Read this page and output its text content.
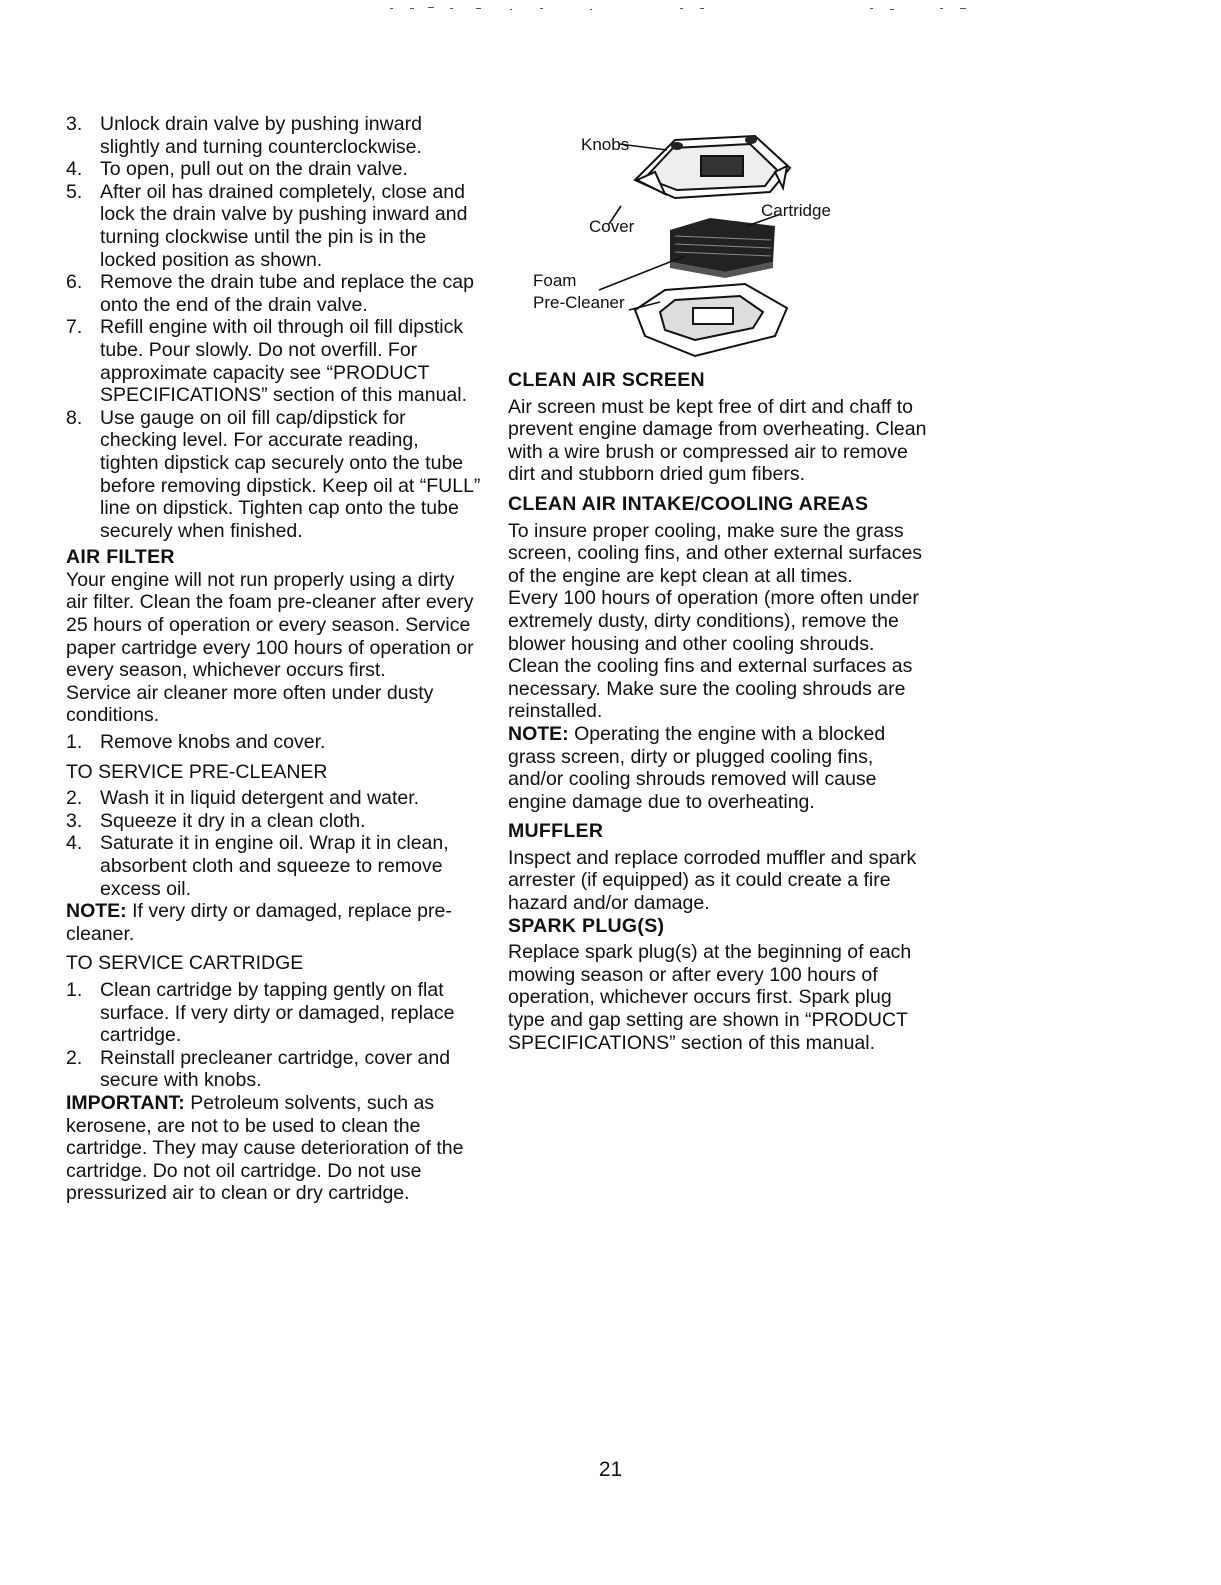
3. Unlock drain valve by pushing inward slightly and turning counterclockwise.
4. To open, pull out on the drain valve.
5. After oil has drained completely, close and lock the drain valve by pushing inward and turning clockwise until the pin is in the locked position as shown.
6. Remove the drain tube and replace the cap onto the end of the drain valve.
7. Refill engine with oil through oil fill dipstick tube. Pour slowly. Do not overfill. For approximate capacity see “PRODUCT SPECIFICATIONS” section of this manual.
8. Use gauge on oil fill cap/dipstick for checking level. For accurate reading, tighten dipstick cap securely onto the tube before removing dipstick. Keep oil at “FULL” line on dipstick. Tighten cap onto the tube securely when finished.

AIR FILTER

Your engine will not run properly using a dirty air filter. Clean the foam pre-cleaner after every 25 hours of operation or every season. Service paper cartridge every 100 hours of operation or every season, whichever occurs first.

Service air cleaner more often under dusty conditions.

1. Remove knobs and cover.

TO SERVICE PRE-CLEANER

2. Wash it in liquid detergent and water.
3. Squeeze it dry in a clean cloth.
4. Saturate it in engine oil. Wrap it in clean, absorbent cloth and squeeze to remove excess oil.

NOTE: If very dirty or damaged, replace pre-cleaner.

TO SERVICE CARTRIDGE

1. Clean cartridge by tapping gently on flat surface. If very dirty or damaged, replace cartridge.
2. Reinstall precleaner cartridge, cover and secure with knobs.

IMPORTANT: Petroleum solvents, such as kerosene, are not to be used to clean the cartridge. They may cause deterioration of the cartridge. Do not oil cartridge. Do not use pressurized air to clean or dry cartridge.

Knobs
Cover
Cartridge
Foam
Pre-Cleaner

CLEAN AIR SCREEN

Air screen must be kept free of dirt and chaff to prevent engine damage from overheating. Clean with a wire brush or compressed air to remove dirt and stubborn dried gum fibers.

CLEAN AIR INTAKE/COOLING AREAS

To insure proper cooling, make sure the grass screen, cooling fins, and other external surfaces of the engine are kept clean at all times.

Every 100 hours of operation (more often under extremely dusty, dirty conditions), remove the blower housing and other cooling shrouds. Clean the cooling fins and external surfaces as necessary. Make sure the cooling shrouds are reinstalled.

NOTE: Operating the engine with a blocked grass screen, dirty or plugged cooling fins, and/or cooling shrouds removed will cause engine damage due to overheating.

MUFFLER

Inspect and replace corroded muffler and spark arrester (if equipped) as it could create a fire hazard and/or damage.

SPARK PLUG(S)

Replace spark plug(s) at the beginning of each mowing season or after every 100 hours of operation, whichever occurs first. Spark plug type and gap setting are shown in “PRODUCT SPECIFICATIONS” section of this manual.

21
